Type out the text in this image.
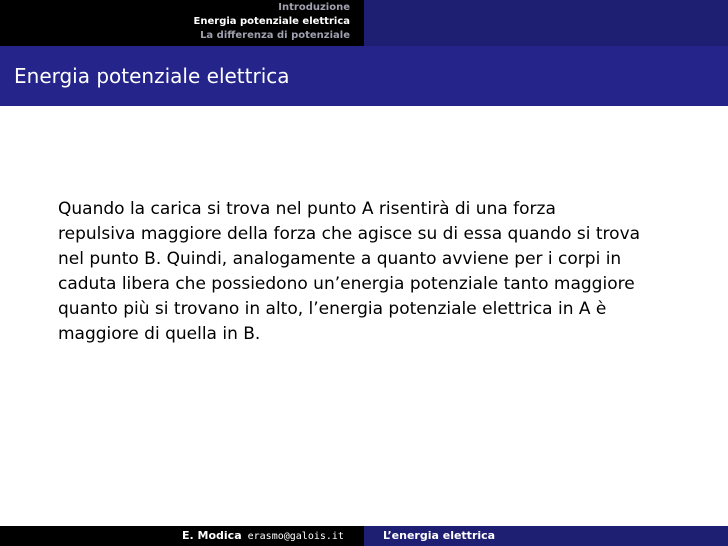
Introduzione
Energia potenziale elettrica
La differenza di potenziale
Energia potenziale elettrica
Quando la carica si trova nel punto A risentirà di una forza
repulsiva maggiore della forza che agisce su di essa quando si trova
nel punto B. Quindi, analogamente a quanto avviene per i corpi in
caduta libera che possiedono un’energia potenziale tanto maggiore
quanto più si trovano in alto, l’energia potenziale elettrica in A è
maggiore di quella in B.
E. Modica erasmo@galois.it	L’energia elettrica
